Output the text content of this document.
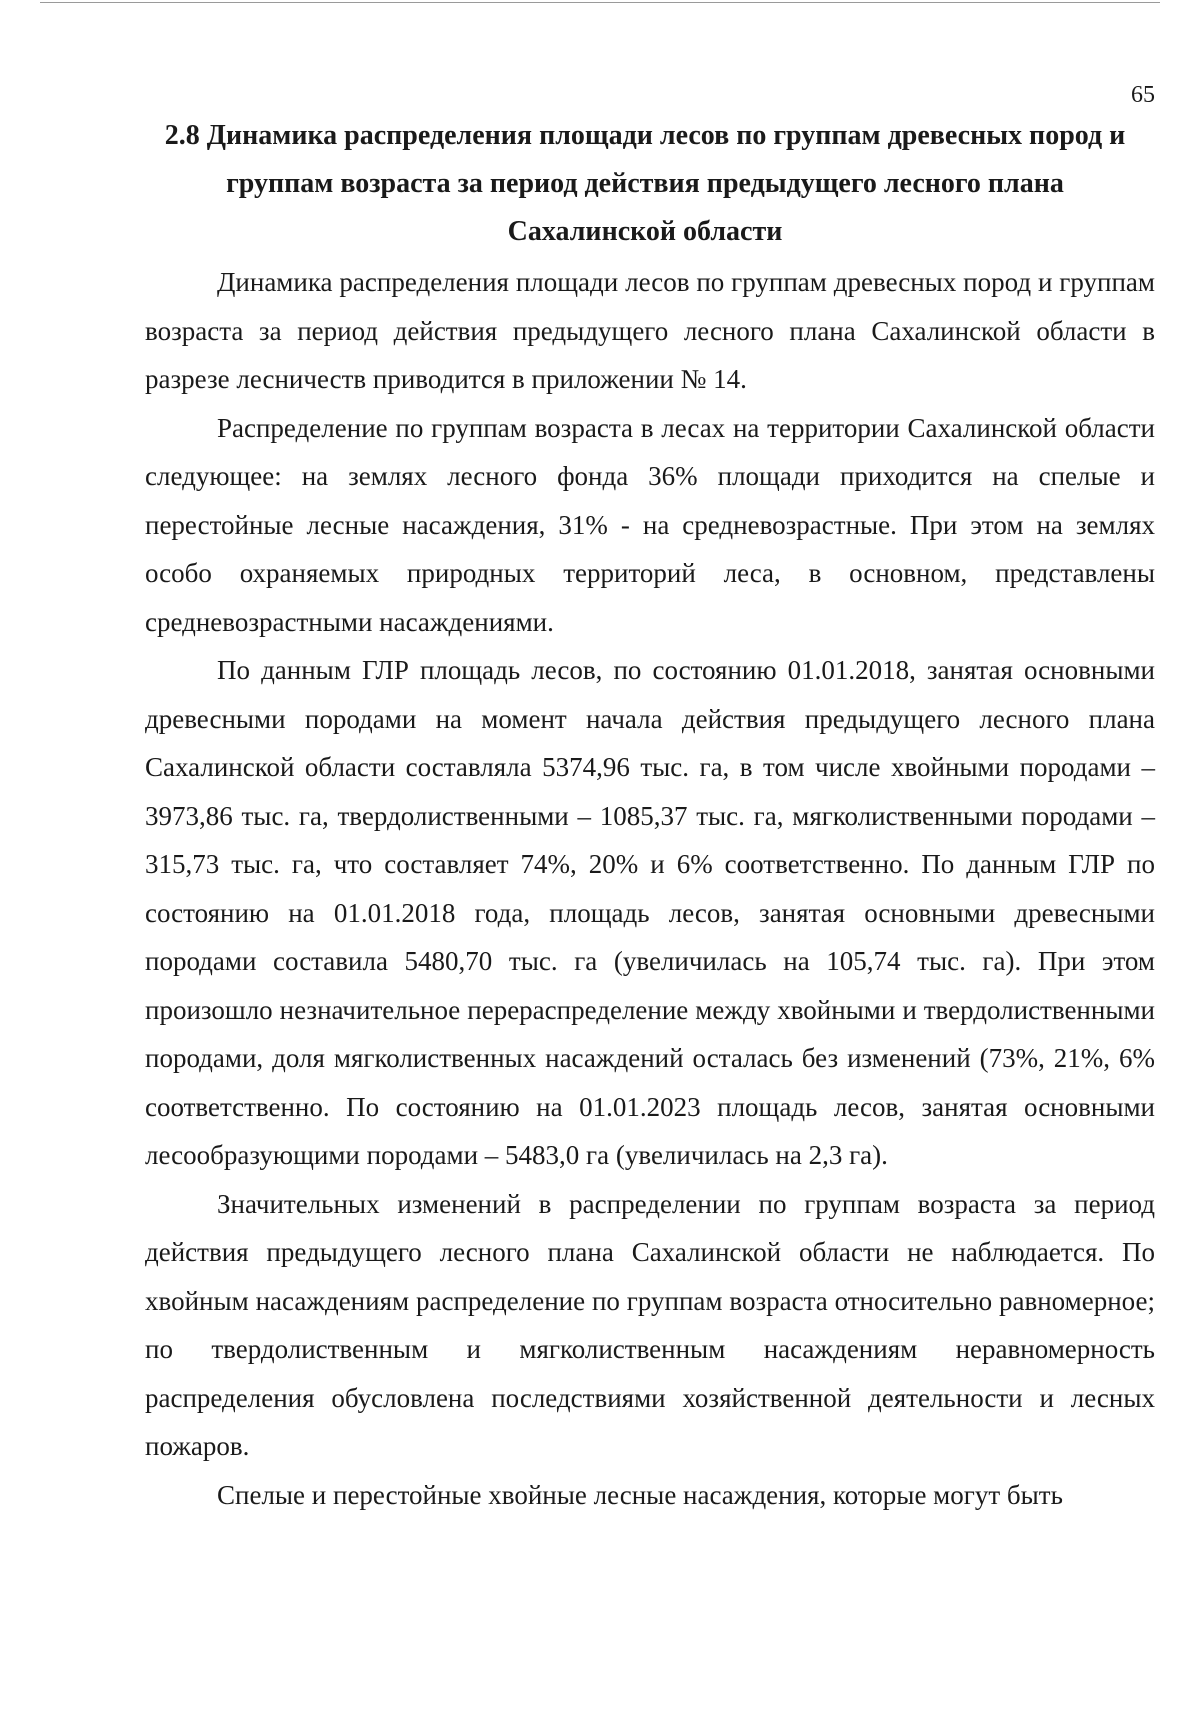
65
2.8 Динамика распределения площади лесов по группам древесных пород и группам возраста за период действия предыдущего лесного плана Сахалинской области

Динамика распределения площади лесов по группам древесных пород и группам возраста за период действия предыдущего лесного плана Сахалинской области в разрезе лесничеств приводится в приложении № 14.

Распределение по группам возраста в лесах на территории Сахалинской области следующее: на землях лесного фонда 36% площади приходится на спелые и перестойные лесные насаждения, 31% - на средневозрастные. При этом на землях особо охраняемых природных территорий леса, в основном, представлены средневозрастными насаждениями.

По данным ГЛР площадь лесов, по состоянию 01.01.2018, занятая основными древесными породами на момент начала действия предыдущего лесного плана Сахалинской области составляла 5374,96 тыс. га, в том числе хвойными породами – 3973,86 тыс. га, твердолиственными – 1085,37 тыс. га, мягколиственными породами – 315,73 тыс. га, что составляет 74%, 20% и 6% соответственно. По данным ГЛР по состоянию на 01.01.2018 года, площадь лесов, занятая основными древесными породами составила 5480,70 тыс. га (увеличилась на 105,74 тыс. га). При этом произошло незначительное перераспределение между хвойными и твердолиственными породами, доля мягколиственных насаждений осталась без изменений (73%, 21%, 6% соответственно. По состоянию на 01.01.2023 площадь лесов, занятая основными лесообразующими породами – 5483,0 га (увеличилась на 2,3 га).

Значительных изменений в распределении по группам возраста за период действия предыдущего лесного плана Сахалинской области не наблюдается. По хвойным насаждениям распределение по группам возраста относительно равномерное; по твердолиственным и мягколиственным насаждениям неравномерность распределения обусловлена последствиями хозяйственной деятельности и лесных пожаров.

Спелые и перестойные хвойные лесные насаждения, которые могут быть
